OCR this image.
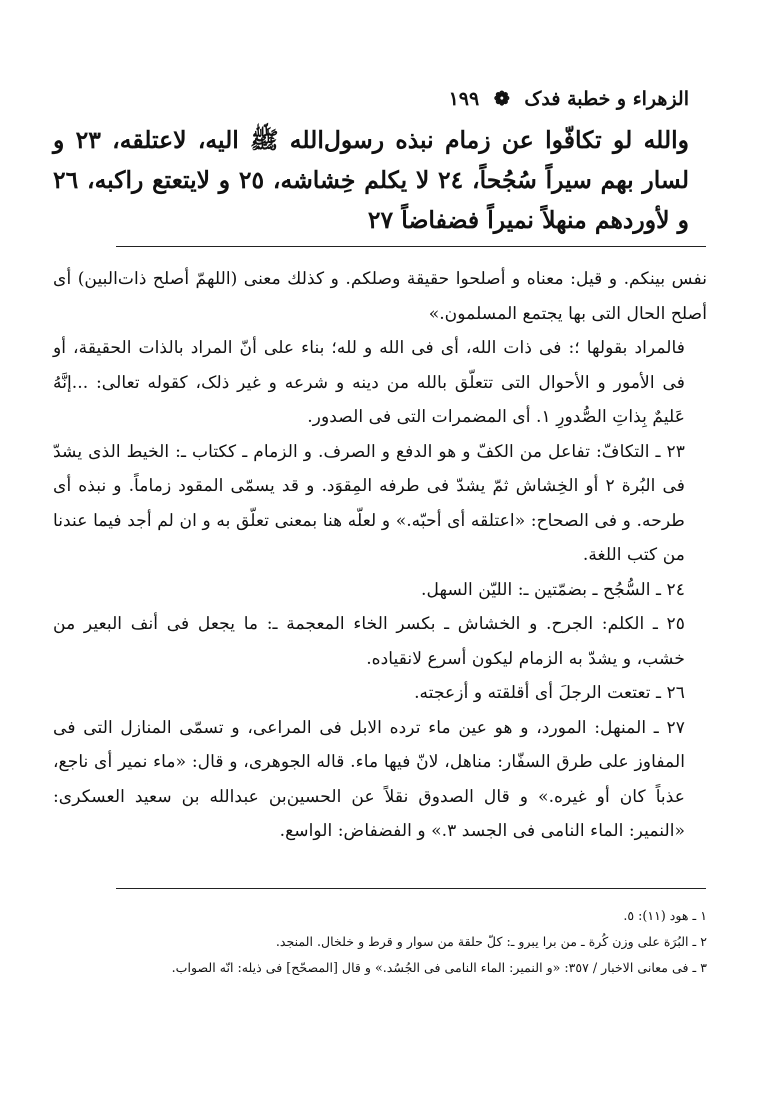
الزهراء و خطبة فدک ❁ ١٩٩
والله لو تكافّوا عن زمام نبذه رسول‌الله ﷺ اليه، لاعتلقه، ٢٣ و لسار بهم سيراً سُجُحاً، ٢٤ لا يكلم خِشاشه، ٢٥ و لايتعتع راكبه، ٢٦ و لأوردهم منهلاً نميراً فضفاضاً ٢٧

نفس بينكم. و قيل: معناه و أصلحوا حقيقة وصلكم. و كذلك معنى (اللهمّ أصلح ذات‌البين) أى أصلح الحال التى بها يجتمع المسلمون.»

فالمراد بقولها ؛: فى ذات الله، أى فى الله و لله؛ بناء على أنّ المراد بالذات الحقيقة، أو فى الأمور و الأحوال التى تتعلّق بالله من دينه و شرعه و غير ذلک، كقوله تعالى: ...إنَّهُ عَليمٌ بِذاتِ الصُّدورِ ١. أى المضمرات التى فى الصدور.

٢٣ ـ التكافّ: تفاعل من الكفّ و هو الدفع و الصرف. و الزمام ـ ككتاب ـ: الخيط الذى يشدّ فى البُرة ٢ أو الخِشاش ثمّ يشدّ فى طرفه المِقوَد. و قد يسمّى المقود زماماً. و نبذه أى طرحه. و فى الصحاح: «اعتلقه أى أحبّه.» و لعلّه هنا بمعنى تعلّق به و ان لم أجد فيما عندنا من كتب اللغة.

٢٤ ـ السُّجُح ـ بضمّتين ـ: الليّن السهل.

٢٥ ـ الكلم: الجرح. و الخشاش ـ بكسر الخاء المعجمة ـ: ما يجعل فى أنف البعير من خشب، و يشدّ به الزمام ليكون أسرع لانقياده.

٢٦ ـ تعتعت الرجلَ أى أقلقته و أزعجته.

٢٧ ـ المنهل: المورد، و هو عين ماء ترده الابل فى المراعى، و تسمّى المنازل التى فى المفاوز على طرق السفّار: مناهل، لانّ فيها ماء. قاله الجوهرى، و قال: «ماء نمير أى ناجع، عذباً كان أو غيره.» و قال الصدوق نقلاً عن الحسين‌بن عبدالله بن سعيد العسكرى: «النمير: الماء النامى فى الجسد ٣.» و الفضفاض: الواسع.

١ ـ هود (١١): ٥.

٢ ـ البُرَة على وزن كُرة ـ من برا يبرو ـ: كلّ حلقة من سوار و قرط و خلخال. المنجد.

٣ ـ فى معانى الاخبار / ٣٥٧: «و النمير: الماء النامى فى الجُسُد.» و قال [المصحّح] فى ذيله: انّه الصواب.
